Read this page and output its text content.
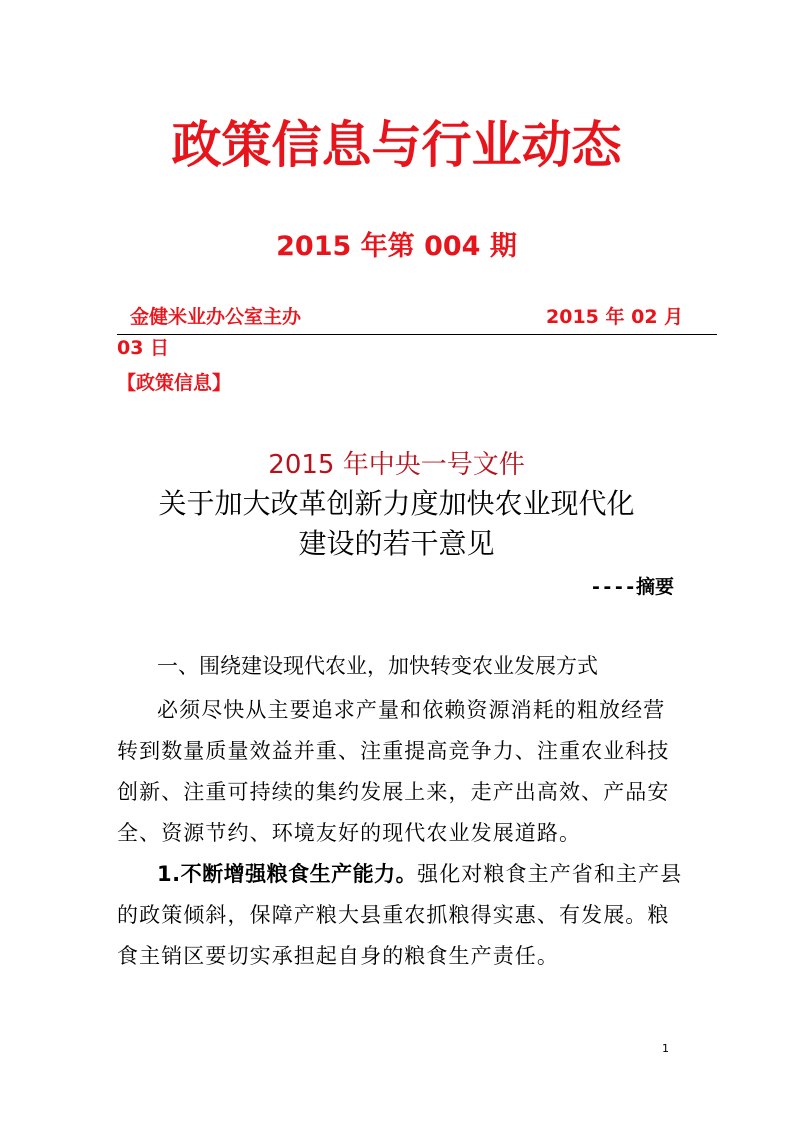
政策信息与行业动态
2015 年第 004 期
金健米业办公室主办	2015 年 02 月
03 日
【政策信息】
2015 年中央一号文件
关于加大改革创新力度加快农业现代化
建设的若干意见
----摘要
一、围绕建设现代农业，加快转变农业发展方式
必须尽快从主要追求产量和依赖资源消耗的粗放经营
转到数量质量效益并重、注重提高竞争力、注重农业科技
创新、注重可持续的集约发展上来，走产出高效、产品安
全、资源节约、环境友好的现代农业发展道路。
1.不断增强粮食生产能力。强化对粮食主产省和主产县
的政策倾斜，保障产粮大县重农抓粮得实惠、有发展。粮
食主销区要切实承担起自身的粮食生产责任。
1
